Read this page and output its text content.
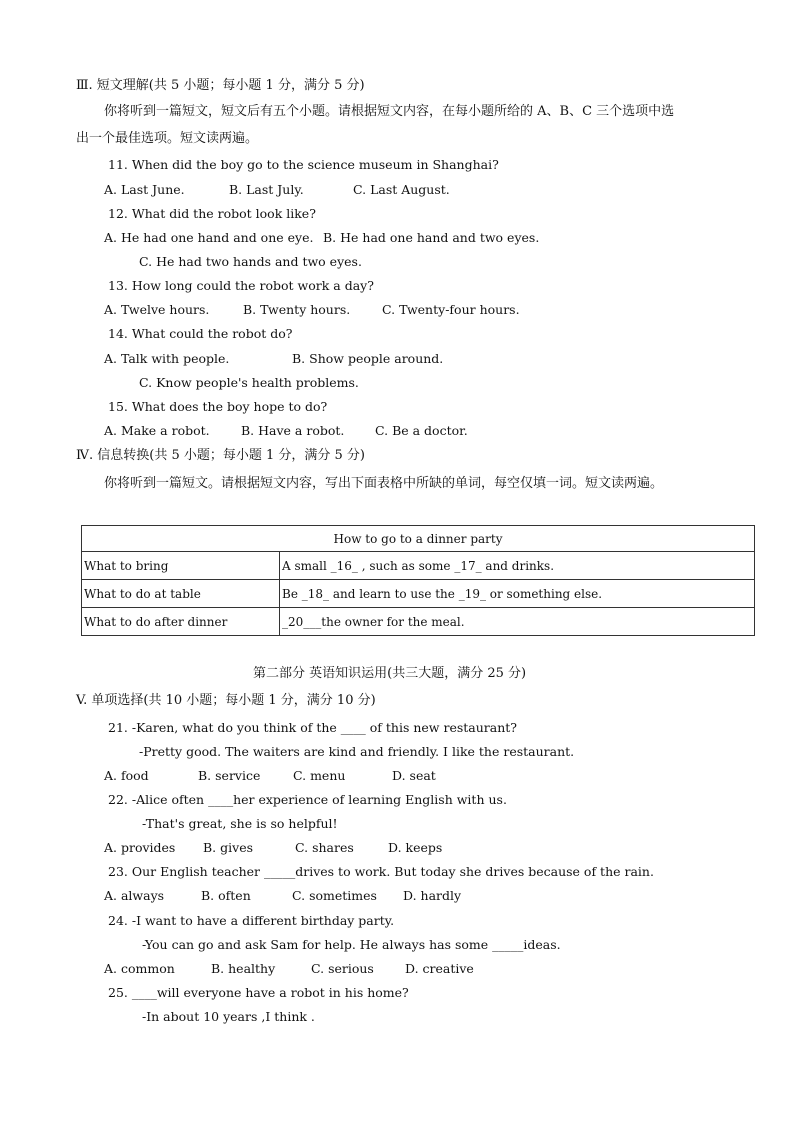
Ⅲ. 短文理解(共 5 小题；每小题 1 分，满分 5 分)
你将听到一篇短文，短文后有五个小题。请根据短文内容，在每小题所给的 A、B、C 三个选项中选
出一个最佳选项。短文读两遍。
11. When did the boy go to the science museum in Shanghai?
A. Last June.	B. Last July.	C. Last August.
12. What did the robot look like?
A. He had one hand and one eye. B. He had one hand and two eyes.
C. He had two hands and two eyes.
13. How long could the robot work a day?
A. Twelve hours.	B. Twenty hours.	C. Twenty-four hours.
14. What could the robot do?
A. Talk with people.	B. Show people around.
C. Know people's health problems.
15. What does the boy hope to do?
A. Make a robot.	B. Have a robot. C. Be a doctor.
Ⅳ. 信息转换(共 5 小题；每小题 1 分，满分 5 分)
你将听到一篇短文。请根据短文内容，写出下面表格中所缺的单词，每空仅填一词。短文读两遍。
How to go to a dinner party	
What to bring	A small _16_ , such as some _17_ and drinks.
What to do at table	Be _18_ and learn to use the _19_ or something else.
What to do after dinner	_20___the owner for the meal.
第二部分 英语知识运用(共三大题，满分 25 分)
V. 单项选择(共 10 小题；每小题 1 分，满分 10 分)
21. -Karen, what do you think of the ____ of this new restaurant?
-Pretty good. The waiters are kind and friendly. I like the restaurant.
A. food	B. service	C. menu	D. seat
22. -Alice often ____her experience of learning English with us.
-That's great, she is so helpful!
A. provides B. gives	C. shares	D. keeps
23. Our English teacher _____drives to work. But today she drives because of the rain.
A. always	B. often	C. sometimes D. hardly
24. -I want to have a different birthday party.
-You can go and ask Sam for help. He always has some _____ideas.
A. common	B. healthy	C. serious D. creative
25. ____will everyone have a robot in his home?
-In about 10 years ,I think .
